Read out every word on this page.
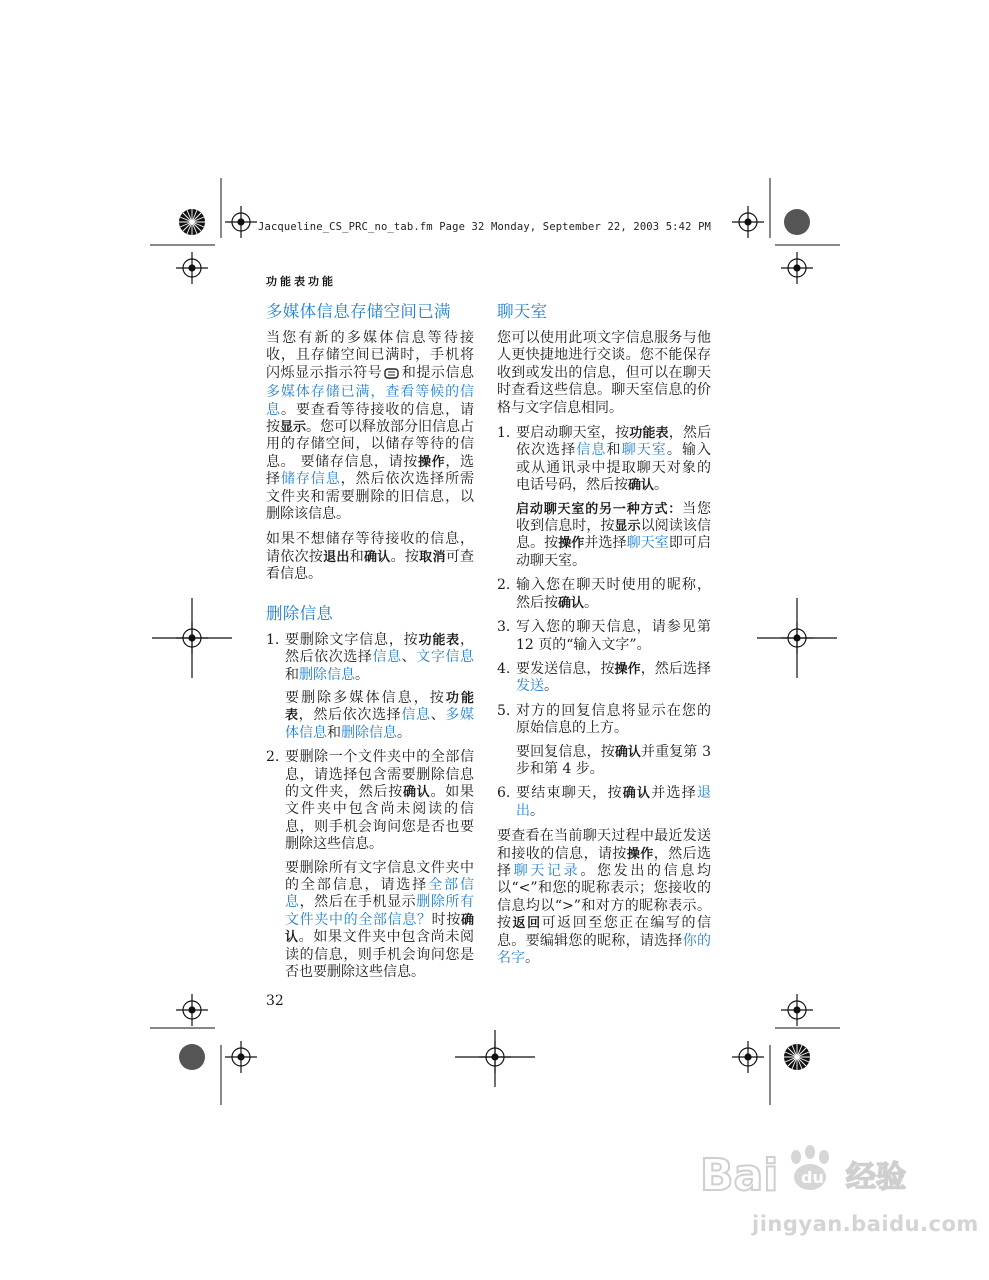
Jacqueline_CS_PRC_no_tab.fm Page 32 Monday, September 22, 2003 5:42 PM
功能表功能
多媒体信息存储空间已满

当您有新的多媒体信息等待接收，且存储空间已满时，手机将闪烁显示指示符号 和提示信息多媒体存储已满，查看等候的信息。要查看等待接收的信息，请按显示。您可以释放部分旧信息占用的存储空间，以储存等待的信息。 要储存信息，请按操作，选择储存信息，然后依次选择所需文件夹和需要删除的旧信息，以删除该信息。

如果不想储存等待接收的信息，请依次按退出和确认。按取消可查看信息。

删除信息
1. 要删除文字信息，按功能表，然后依次选择信息、文字信息和删除信息。

要删除多媒体信息，按功能表，然后依次选择信息、多媒体信息和删除信息。

2. 要删除一个文件夹中的全部信息，请选择包含需要删除信息的文件夹，然后按确认。如果文件夹中包含尚未阅读的信息，则手机会询问您是否也要删除这些信息。

要删除所有文字信息文件夹中的全部信息，请选择全部信息，然后在手机显示删除所有文件夹中的全部信息？时按确认。如果文件夹中包含尚未阅读的信息，则手机会询问您是否也要删除这些信息。

聊天室

您可以使用此项文字信息服务与他人更快捷地进行交谈。您不能保存收到或发出的信息，但可以在聊天时查看这些信息。聊天室信息的价格与文字信息相同。

1. 要启动聊天室，按功能表，然后依次选择信息和聊天室。输入或从通讯录中提取聊天对象的电话号码，然后按确认。

启动聊天室的另一种方式：当您收到信息时，按显示以阅读该信息。按操作并选择聊天室即可启动聊天室。

2. 输入您在聊天时使用的昵称，然后按确认。

3. 写入您的聊天信息，请参见第 12 页的“输入文字”。

4. 要发送信息，按操作，然后选择发送。

5. 对方的回复信息将显示在您的原始信息的上方。

要回复信息，按确认并重复第 3 步和第 4 步。

6. 要结束聊天，按确认并选择退出。

要查看在当前聊天过程中最近发送和接收的信息，请按操作，然后选择聊天记录。您发出的信息均以“<”和您的昵称表示；您接收的信息均以“>”和对方的昵称表示。按返回可返回至您正在编写的信息。要编辑您的昵称，请选择你的名字。

32
Bai du 经验
jingyan.baidu.com
